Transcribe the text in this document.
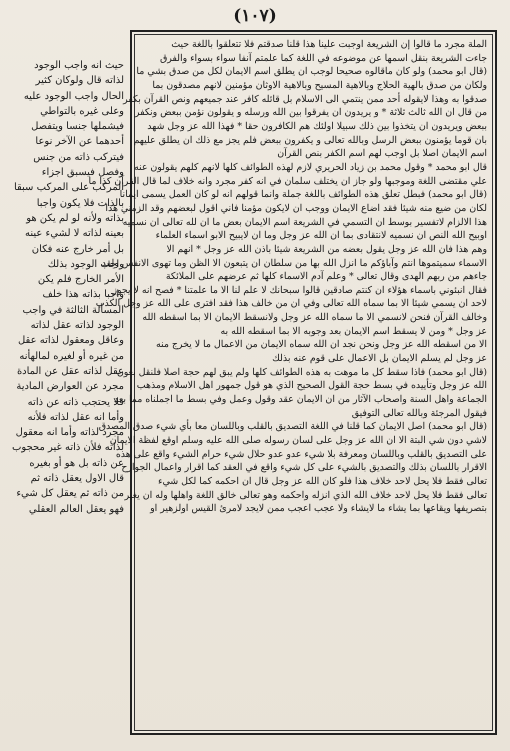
(١٠٧)
الملة مجرد ما قالوا إن الشريعة اوجبت علينا هذا قلنا صدقتم فلا تتعلقوا باللغة حيث
جاءت الشريعة بنقل اسمها عن موضوعه في اللغة كما علمتم آنفا سواء بسواء والفرق
(قال ابو محمد) ولو كان ماقالوه صحيحا لوجب ان يطلق اسم الايمان لكل من صدق بشي ما
ولكان من صدق بالهية الحلاج وبالاهية المسيح وبالاهية الاوثان مؤمنين لانهم مصدقون بما
صدقوا به وهذا لايقوله أحد ممن ينتمي الى الاسلام بل قائله كافر عند جميعهم ونص القرآن بكفر
من قال ان الله ثالث ثلاثة * و يريدون ان يفرقوا بين الله ورسله و يقولون نؤمن ببعض ونكفر
ببعض ويريدون ان يتخذوا بين ذلك سبيلا اولئك هم الكافرون حقا * فهذا الله عز وجل شهد
بان قوما يؤمنون ببعض الرسل وبالله تعالى و يكفرون ببعض فلم يجز مع ذلك ان يطلق عليهم
اسم الايمان اصلا بل اوجب لهم اسم الكفر بنص القرآن
قال ابو محمد * وقول محمد بن زياد الحريري لازم لهذه الطوائف كلها لانهم كلهم يقولون عنه
علي مقتضى اللغة وموجبها ولو جاز ان يختلف سلمان في انه كفر مجرد وانه خلاف لما قال القرآن كذا ما
(قال ابو محمد) فبطل تعلق هذه الطوائف باللغة جملة وانما قولهم انه لو كان العمل يسمى ايمانا
لكان من ضيع منه شيئا فقد اضاع الايمان ووجب ان لايكون مؤمنا فاني اقول لبعضهم وقد الزمني هذا
هذا الالزام لاتفسير بوسط ان التسمي في الشريعة اسم الايمان بعض ما ان لله تعالى ان نسميه
اوبيح الله النص ان نسميه لانتقادى بما ان الله عز وجل وما ان لايبيح الابو اسماء العلماء
وهم هذا فان الله عز وجل يقول بعضه من الشريعة شيئا باذن الله عز وجل * انهم الا
الاسماء سميتموها انتم وآباؤكم ما انزل الله بها من سلطان ان يتبعون الا الظن وما تهوى الانفس ولقد
جاءهم من ربهم الهدى وقال تعالى * وعلم آدم الاسماء كلها ثم عرضهم على الملائكة
فقال انبئوني باسماء هؤلاء ان كنتم صادقين قالوا سبحانك لا علم لنا الا ما علمتنا * فصح انه لا يجوز
لاحد ان يسمي شيئا الا بما سماه الله تعالى وفي ان من خالف هذا فقد افترى على الله عز وجل الكذب
وخالف القرآن فنحن لانسمي الا ما سماه الله عز وجل ولانسقط الايمان الا بما اسقطه الله
عز وجل * ومن لا يسقط اسم الايمان بعد وجوبه الا بما اسقطه الله به
الا من اسقطه الله عز وجل ونحن نجد ان الله سماه الايمان من الاعمال ما لا يخرج منه
عز وجل لم يسلم الايمان بل الاعمال على قوم عنه بذلك
(قال ابو محمد) فاذا سقط كل ما موهت به هذه الطوائف كلها ولم يبق لهم حجة اصلا فلنقل بعون
الله عز وجل وتأييده في بسط حجة القول الصحيح الذي هو قول جمهور اهل الاسلام ومذهب
الجماعة واهل السنة واصحاب الآثار من ان الايمان عقد وقول وعمل وفي بسط ما اجملناه مما بعد
فيقول المرجئة وبالله تعالى التوفيق
(قال ابو محمد) اصل الايمان كما قلنا في اللغة التصديق بالقلب وباللسان معا بأي شيء صدق المصدق
لاشي دون شي البتة الا ان الله عز وجل على لسان رسوله صلى الله عليه وسلم اوقع لفظة الايمان
على التصديق بالقلب وباللسان ومعرفة بلا شيء عدو عدو حلال شيء حرام الشيء واقع على هذه
الاقرار باللسان بذلك والتصديق بالشيء على كل شيء واقع في العقد كما اقرار واعمال الجوارح
تعالى فقط فلا يحل لاحد خلاف هذا فلو كان الله عز وجل قال ان احكمه كما لكل شيء
تعالى فقط فلا يحل لاحد خلاف الله الذي انزله واحكمه وهو تعالى خالق اللغة واهلها وله ان يغير
بتصريفها ويقاعها بما يشاء ما لايشاء ولا عجب اعجب ممن لايجد لامرئ القيس اولزهير او
حيث انه واجب الوجود
لذاته قال ولوكان كثير
الحال واجب الوجود عليه
وعلى غيره بالتواطي
فيشملها جنسا ويتفصل
أحدهما عن الآخر نوعا
فيتركب ذاته من جنس
وفصل فيسبق اجزاء
المركب على المركب سبقا
بالذات فلا يكون واجبا
بذاته ولأنه لو لم يكن هو
بعينه لذاته لا لشيء عينه
بل أمر خارج عنه فكان
واجب الوجود بذلك
الأمر الخارج فلم يكن
واجبا بذاته هذا خلف
المسألة الثالثة في واجب
الوجود لذاته عقل لذاته
وعاقل ومعقول لذاته عقل
من غيره أو لغيره لمالهأنه
عقل لذاته عقل عن المادة
مجرد عن العوارض المادية
فلا يحتجب ذاته عن ذاته
وأما انه عقل لذاته فلأنه
مجرد لذاته وأما انه معقول
لذاته فلأن ذاته غير محجوب
عن ذاته بل هو أو بغيره
قال الاول يعقل ذاته ثم
من ذاته ثم يعقل كل شيء
فهو يعقل العالم العقلي
